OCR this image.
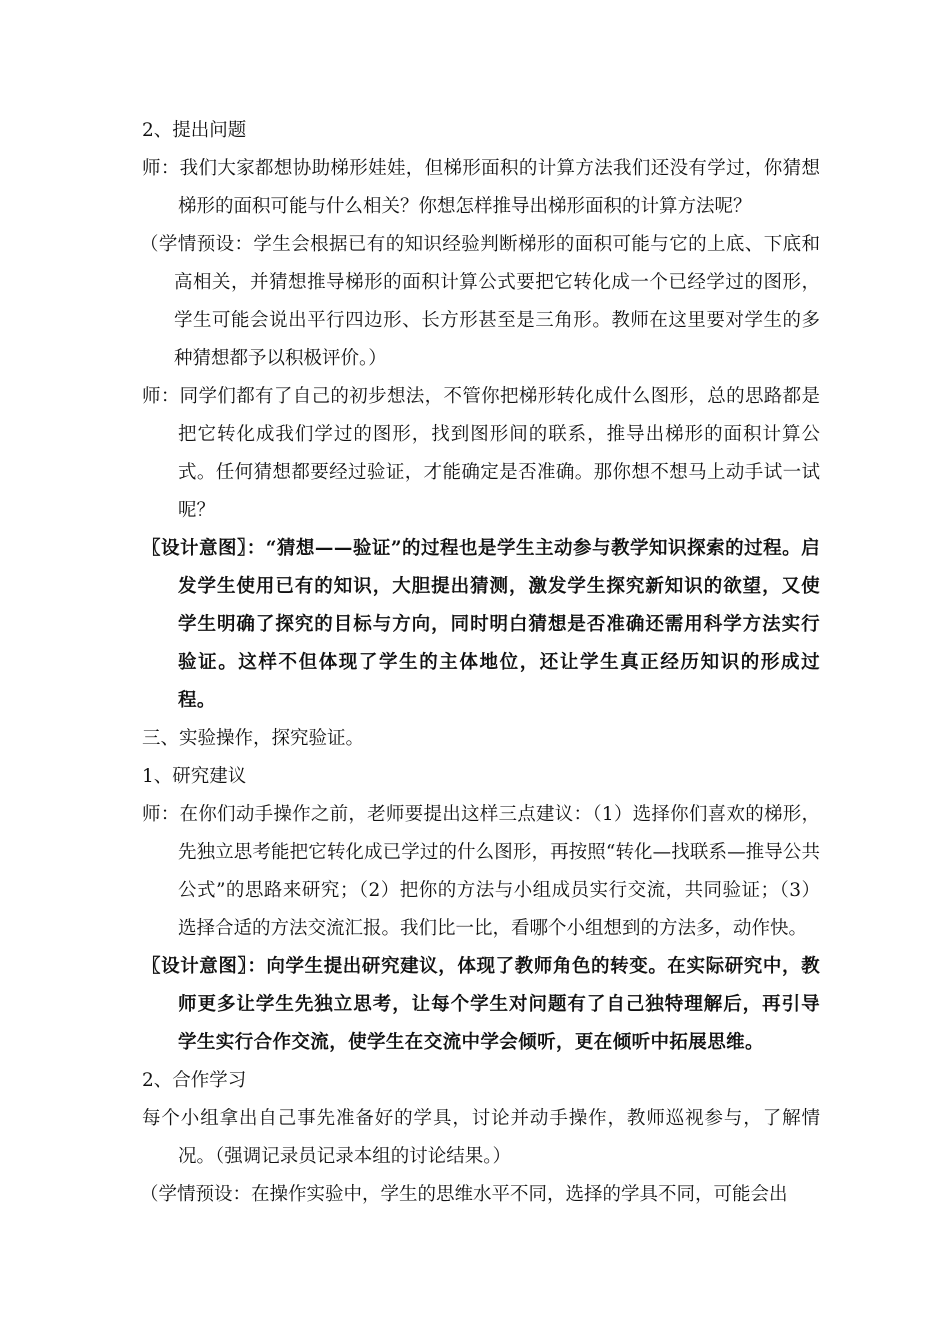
2、提出问题

师：我们大家都想协助梯形娃娃，但梯形面积的计算方法我们还没有学过，你猜想梯形的面积可能与什么相关？你想怎样推导出梯形面积的计算方法呢？

（学情预设：学生会根据已有的知识经验判断梯形的面积可能与它的上底、下底和高相关，并猜想推导梯形的面积计算公式要把它转化成一个已经学过的图形，学生可能会说出平行四边形、长方形甚至是三角形。教师在这里要对学生的多种猜想都予以积极评价。）

师：同学们都有了自己的初步想法，不管你把梯形转化成什么图形，总的思路都是把它转化成我们学过的图形，找到图形间的联系，推导出梯形的面积计算公式。任何猜想都要经过验证，才能确定是否准确。那你想不想马上动手试一试呢？

〖设计意图〗：“猜想——验证”的过程也是学生主动参与教学知识探索的过程。启发学生使用已有的知识，大胆提出猜测，激发学生探究新知识的欲望，又使学生明确了探究的目标与方向，同时明白猜想是否准确还需用科学方法实行验证。这样不但体现了学生的主体地位，还让学生真正经历知识的形成过程。

三、实验操作，探究验证。

1、研究建议

师：在你们动手操作之前，老师要提出这样三点建议：（1）选择你们喜欢的梯形，先独立思考能把它转化成已学过的什么图形，再按照“转化—找联系—推导公共公式”的思路来研究；（2）把你的方法与小组成员实行交流，共同验证；（3）选择合适的方法交流汇报。我们比一比，看哪个小组想到的方法多，动作快。

〖设计意图〗：向学生提出研究建议，体现了教师角色的转变。在实际研究中，教师更多让学生先独立思考，让每个学生对问题有了自己独特理解后，再引导学生实行合作交流，使学生在交流中学会倾听，更在倾听中拓展思维。

2、合作学习

每个小组拿出自己事先准备好的学具，讨论并动手操作，教师巡视参与，了解情况。（强调记录员记录本组的讨论结果。）

（学情预设：在操作实验中，学生的思维水平不同，选择的学具不同，可能会出
